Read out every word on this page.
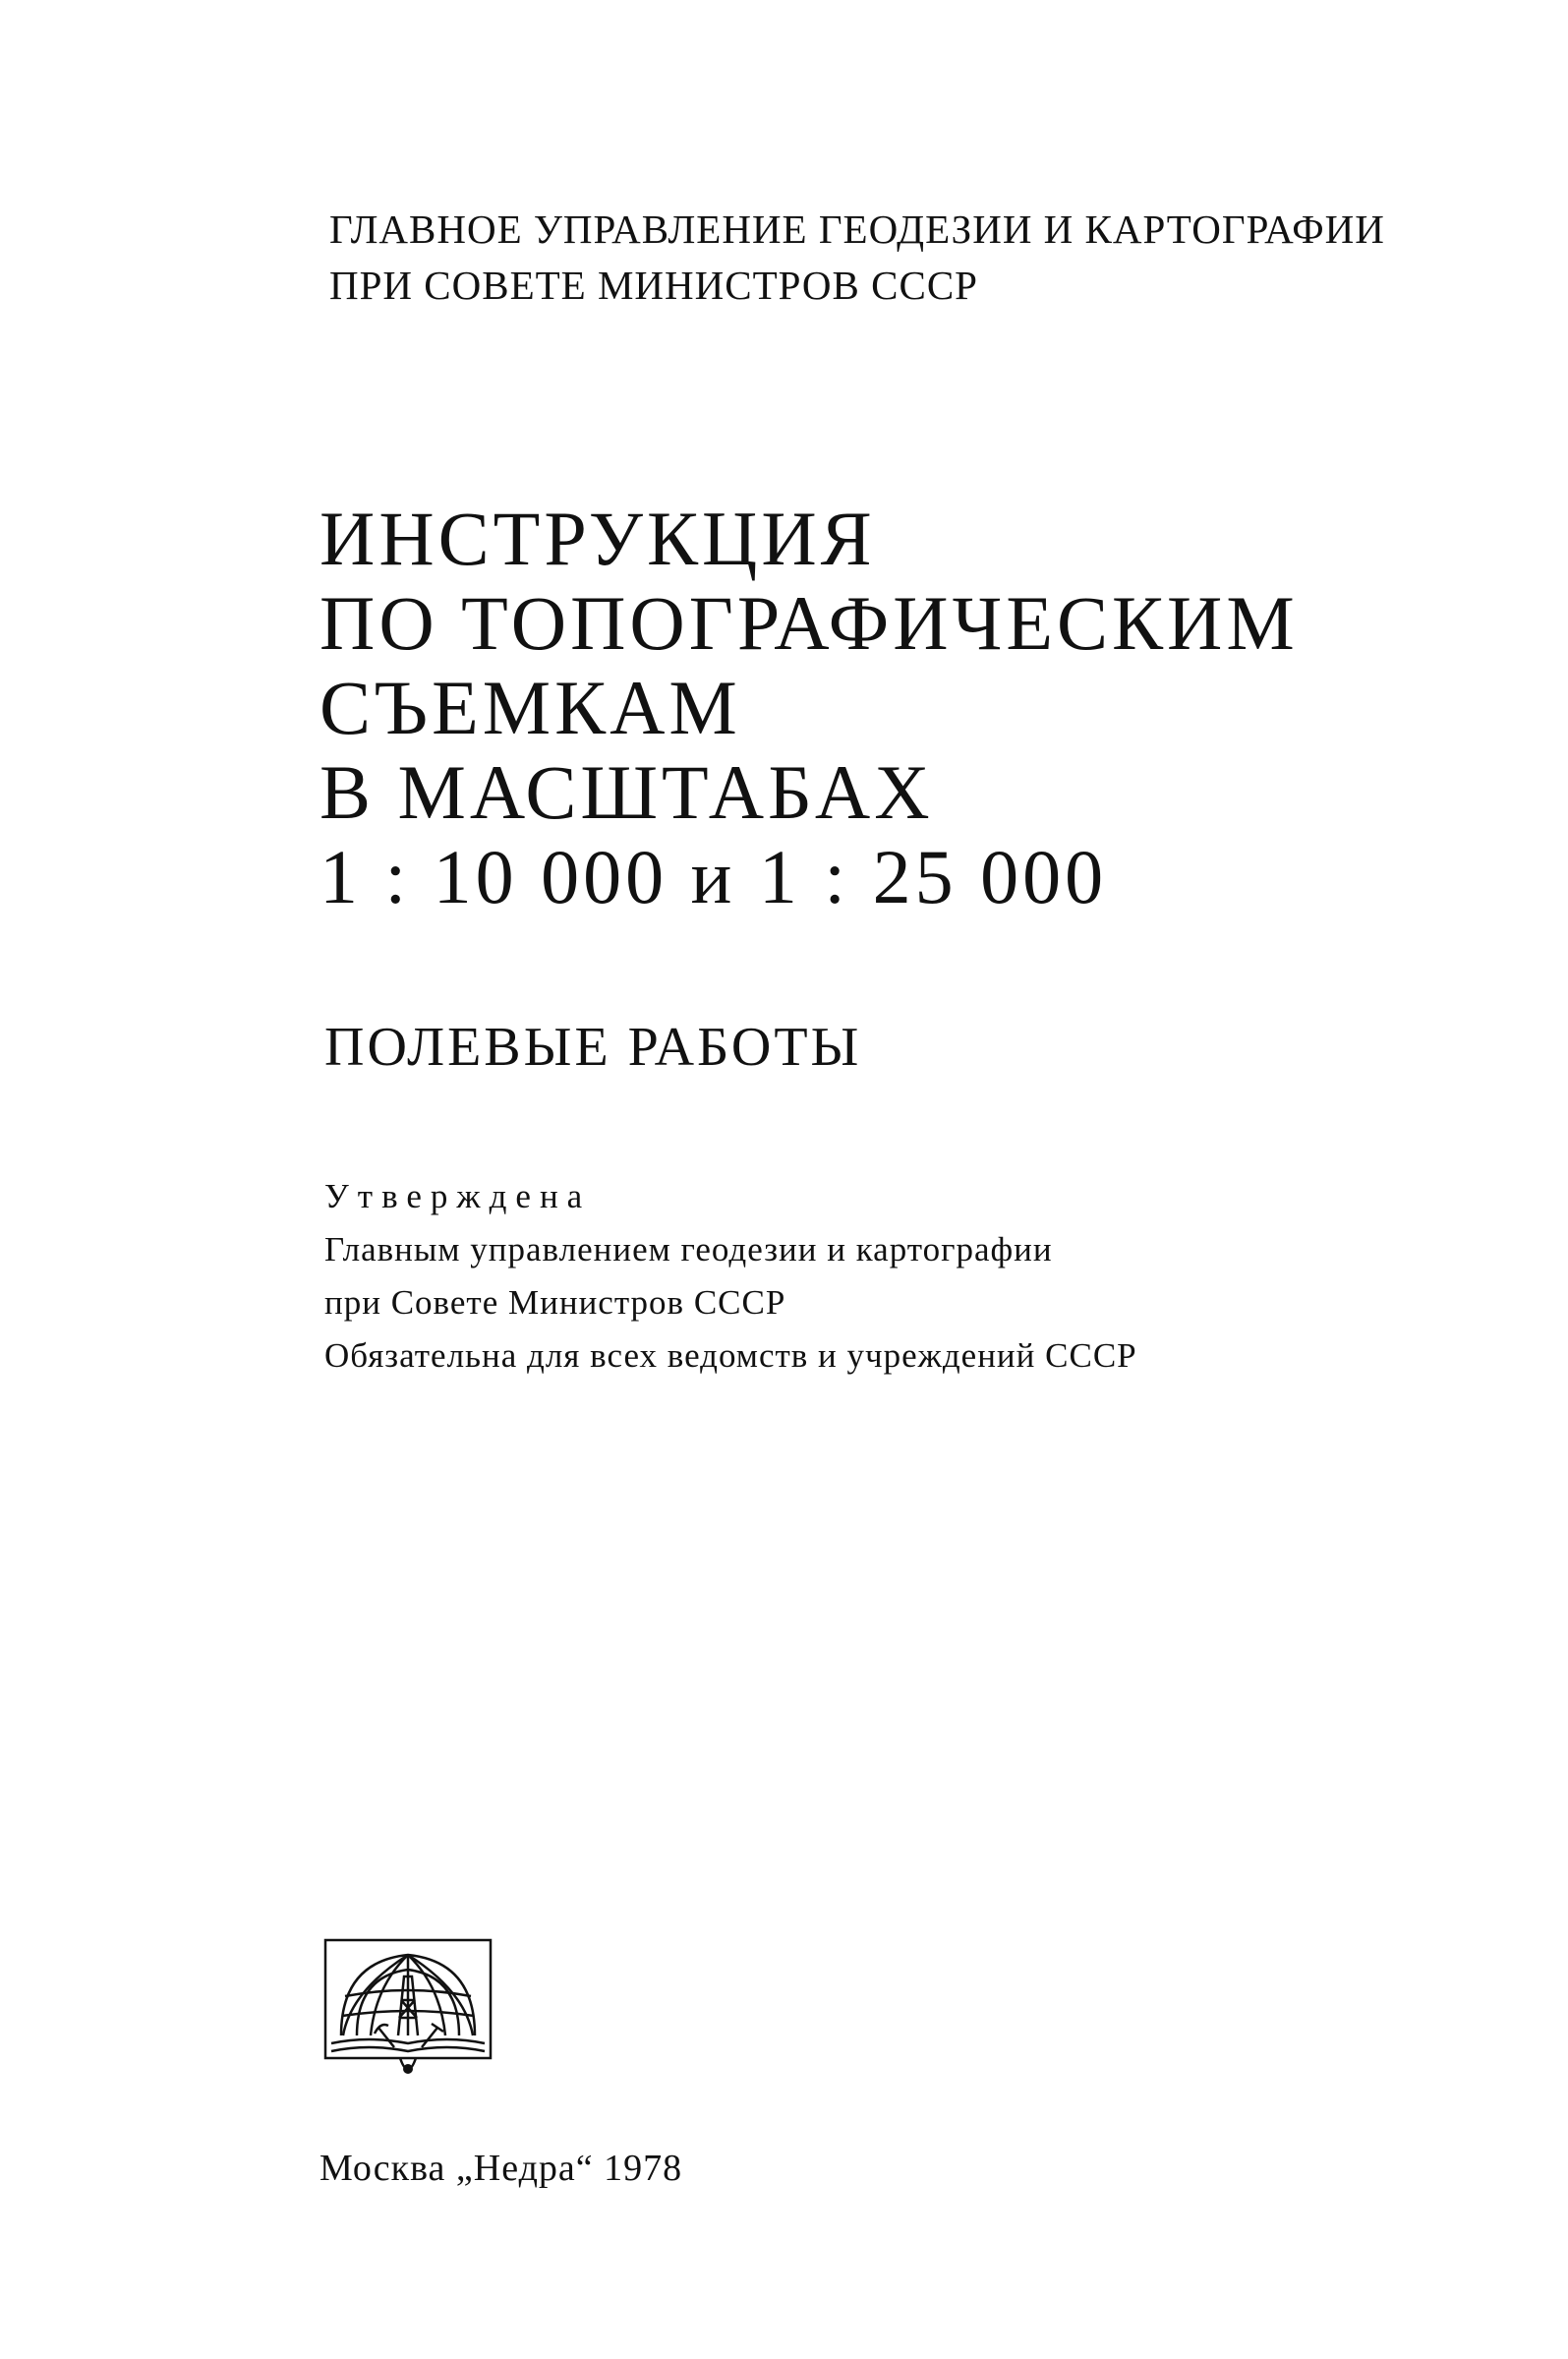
ГЛАВНОЕ УПРАВЛЕНИЕ ГЕОДЕЗИИ И КАРТОГРАФИИ
ПРИ СОВЕТЕ МИНИСТРОВ СССР
ИНСТРУКЦИЯ
ПО ТОПОГРАФИЧЕСКИМ
СЪЕМКАМ
В МАСШТАБАХ
1 : 10 000 и 1 : 25 000
ПОЛЕВЫЕ РАБОТЫ
Утверждена
Главным управлением геодезии и картографии
при Совете Министров СССР
Обязательна для всех ведомств и учреждений СССР
Москва „Недра“ 1978
